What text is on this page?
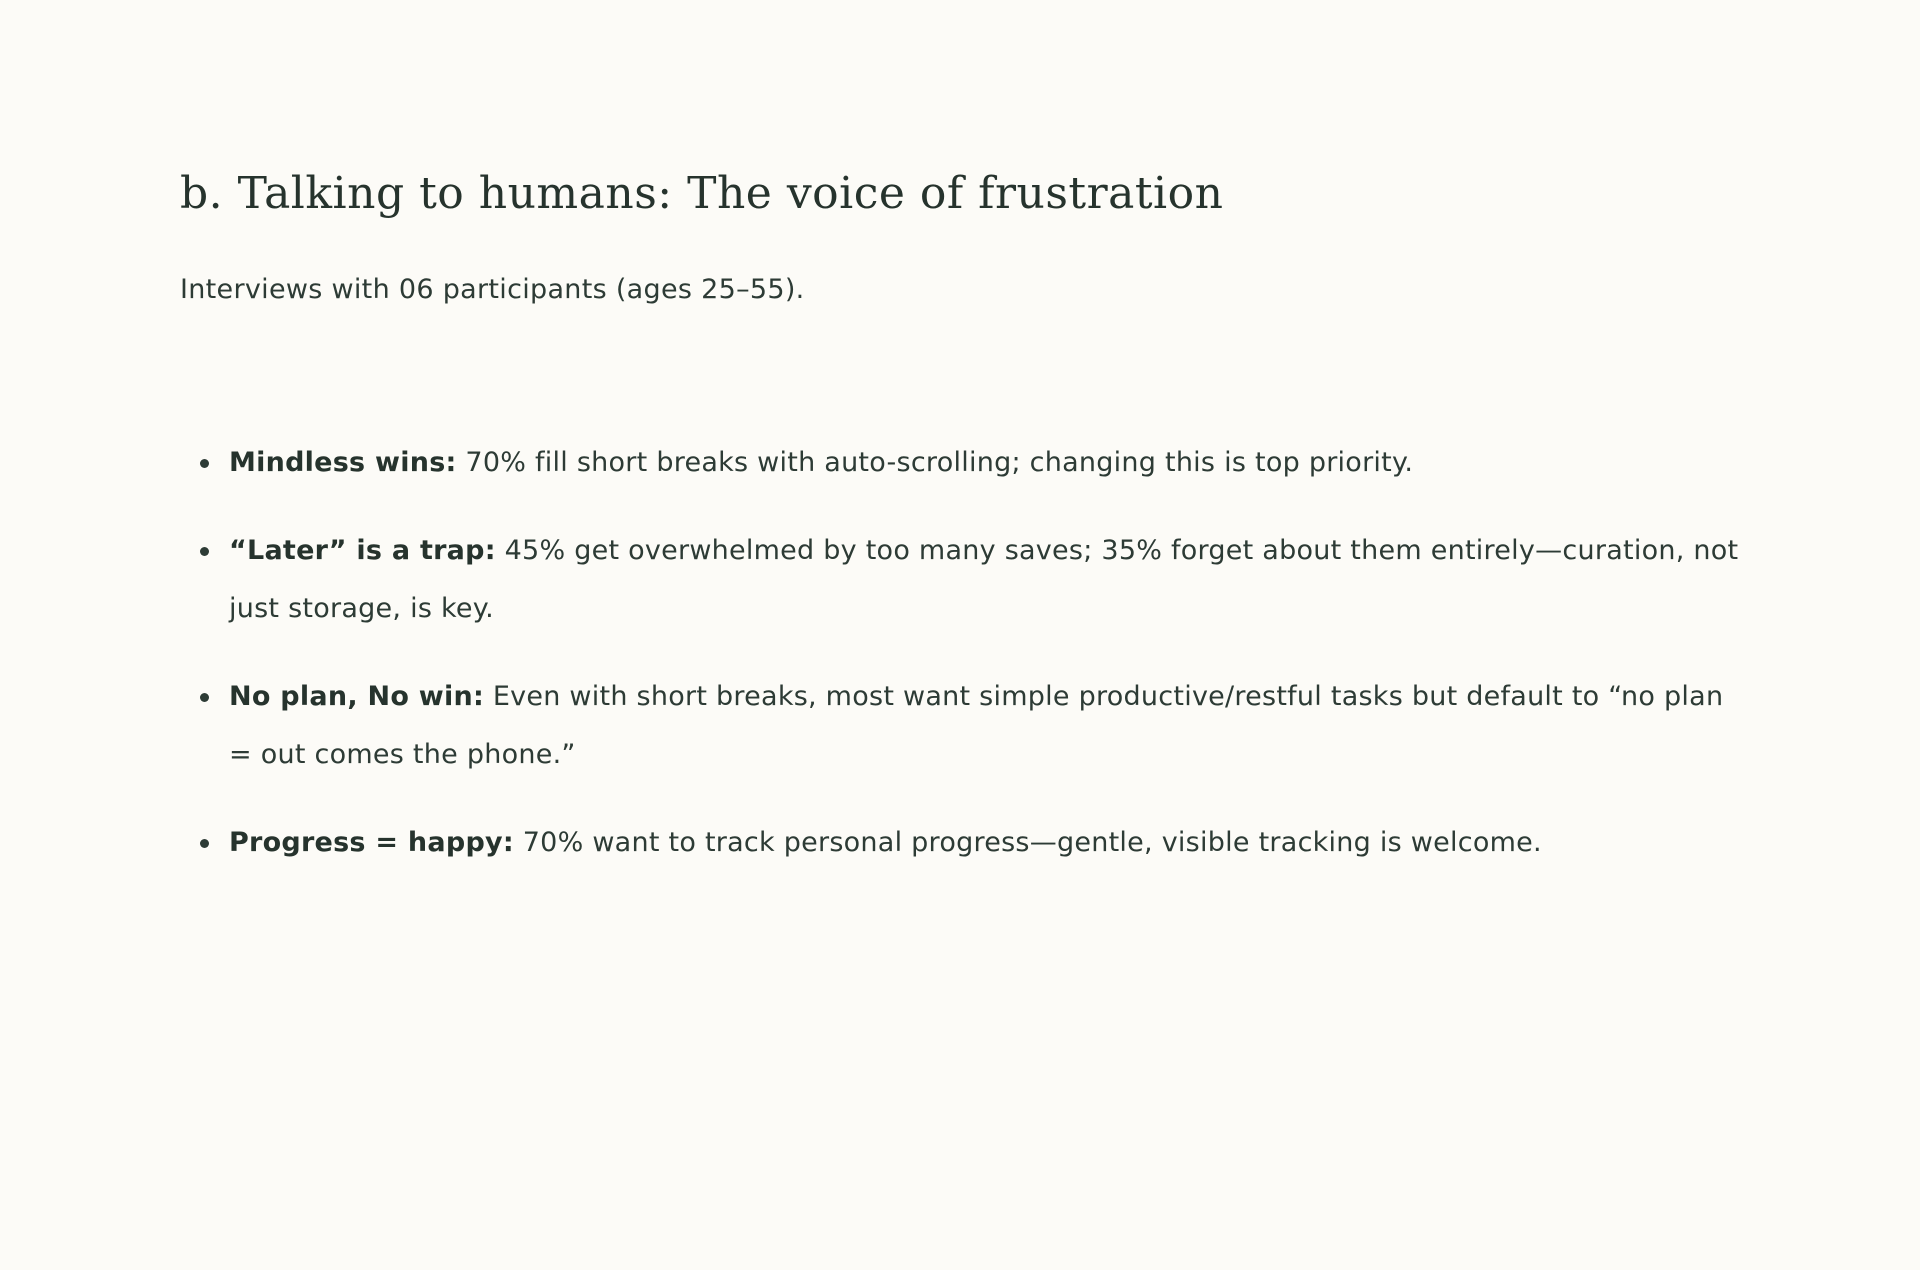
b. Talking to humans: The voice of frustration

Interviews with 06 participants (ages 25–55).

Mindless wins: 70% fill short breaks with auto-scrolling; changing this is top priority.
“Later” is a trap: 45% get overwhelmed by too many saves; 35% forget about them entirely—curation, not just storage, is key.
No plan, No win: Even with short breaks, most want simple productive/restful tasks but default to “no plan = out comes the phone.”
Progress = happy: 70% want to track personal progress—gentle, visible tracking is welcome.
